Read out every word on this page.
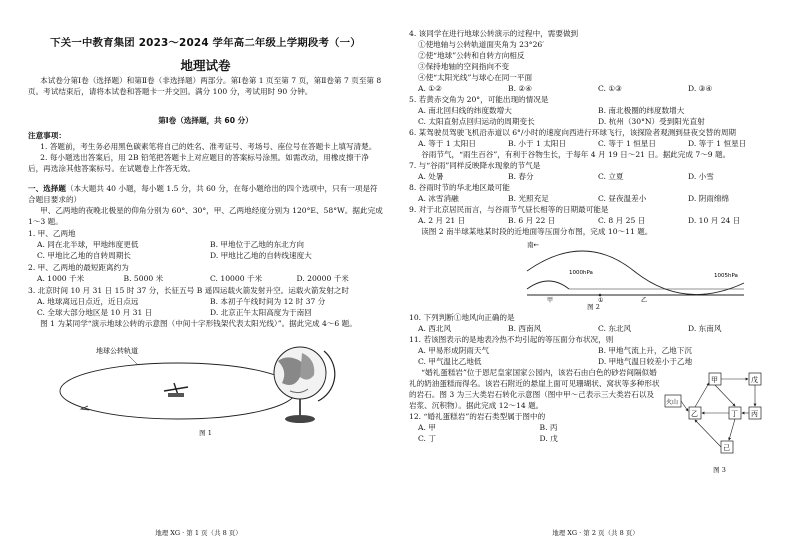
下关一中教育集团 2023～2024 学年高二年级上学期段考（一）
地理试卷

本试卷分第Ⅰ卷（选择题）和第Ⅱ卷（非选择题）两部分。第Ⅰ卷第 1 页至第 7 页，第Ⅱ卷第 7 页至第 8 页。考试结束后，请将本试卷和答题卡一并交回。满分 100 分，考试用时 90 分钟。

第Ⅰ卷（选择题，共 60 分）

注意事项：

1. 答题前，考生务必用黑色碳素笔将自己的姓名、准考证号、考场号、座位号在答题卡上填写清楚。

2. 每小题选出答案后，用 2B 铅笔把答题卡上对应题目的答案标号涂黑。如需改动，用橡皮擦干净后，再选涂其他答案标号。在试题卷上作答无效。

一、选择题（本大题共 40 小题，每小题 1.5 分，共 60 分，在每小题给出的四个选项中，只有一项是符合题目要求的）

甲、乙两地的夜晚北极星的仰角分别为 60°、30°，甲、乙两地经度分别为 120°E、58°W。据此完成 1～3 题。

1. 甲、乙两地

A. 同在北半球，甲地纬度更低	B. 甲地位于乙地的东北方向
C. 甲地比乙地的自转周期长	D. 甲地比乙地的自转线速度大

2. 甲、乙两地的最短距离约为

A. 1000 千米	B. 5000 米	C. 10000 千米	D. 20000 千米

3. 北京时间 10 月 31 日 15 时 37 分，长征五号 B 遥四运载火箭发射升空。运载火箭发射之时

A. 地球离远日点近，近日点远	B. 本初子午线时间为 12 时 37 分
C. 全球大部分地区是 10 月 31 日	D. 北京正午太阳高度为于南回

图 1 为某同学“演示地球公转的示意图（中间十字形钱架代表太阳光线）”。据此完成 4～6 题。

地球公转轨道
图 1
地理 XG · 第 1 页（共 8 页）

4. 该同学在进行地球公转演示的过程中，需要做到

①使地轴与公转轨道面夹角为 23°26′

②使“地球”公转和自转方向相反

③保持地轴的空间指向不变

④使“太阳光线”与球心在同一平面

A. ①②	B. ②④	C. ①③	D. ③④

5. 若黄赤交角为 20°，可能出现的情况是

A. 南北回归线的纬度数增大	B. 南北极圈的纬度数增大
C. 太阳直射点回归运动的周期变长	D. 杭州（30°N）受到阳光直射

6. 某驾驶员驾驶飞机沿赤道以 6°/小时的速度向西进行环球飞行，该探险者观测到昼夜交替的周期

A. 等于 1 太阳日	B. 小于 1 太阳日	C. 等于 1 恒星日	D. 等于 1 恒星日

谷雨节气，“雨生百谷”，有利于谷物生长，于每年 4 月 19 日～21 日。据此完成 7～9 题。

7. 与“谷雨”同样反映降水现象的节气是

A. 处暑	B. 春分	C. 立夏	D. 小雪

8. 谷雨时节的华北地区最可能

A. 冰雪消融	B. 光照充足	C. 昼夜温差小	D. 阴雨绵绵

9. 对于北京居民而言，与谷雨节气昼长相等的日期最可能是

A. 2 月 21 日	B. 6 月 22 日	C. 8 月 25 日	D. 10 月 24 日

读图 2 南半球某地某时段的近地面等压面分布图，完成 10～11 题。

南←
1000hPa	1005hPa
甲	乙
①
图 2

10. 下列判断①地风向正确的是

A. 西北风	B. 西南风	C. 东北风	D. 东南风

11. 若该图表示的是地表冷热不均引起的等压面分布状况，则

A. 甲易形成阴雨天气	B. 甲地气流上升，乙地下沉
C. 甲气温比乙地低	D. 甲地气温日较差小于乙地

“婚礼蛋糕岩”位于恩尼皇家国家公园内，该岩石由白色的砂岩间隔似婚礼的奶油蛋糕而得名。该岩石附近的悬崖上面可见珊瑚状、窝状等多种形状的岩石。图 3 为三大类岩石转化示意图（图中甲～己表示三大类岩石以及岩浆、沉积物）。据此完成 12～14 题。

12. “婚礼蛋糕岩”的岩石类型属于图中的

A. 甲	B. 丙
C. 丁	D. 戊
火山
甲
乙	丙
丁
戊
己
图 3
地理 XG · 第 2 页（共 8 页）
